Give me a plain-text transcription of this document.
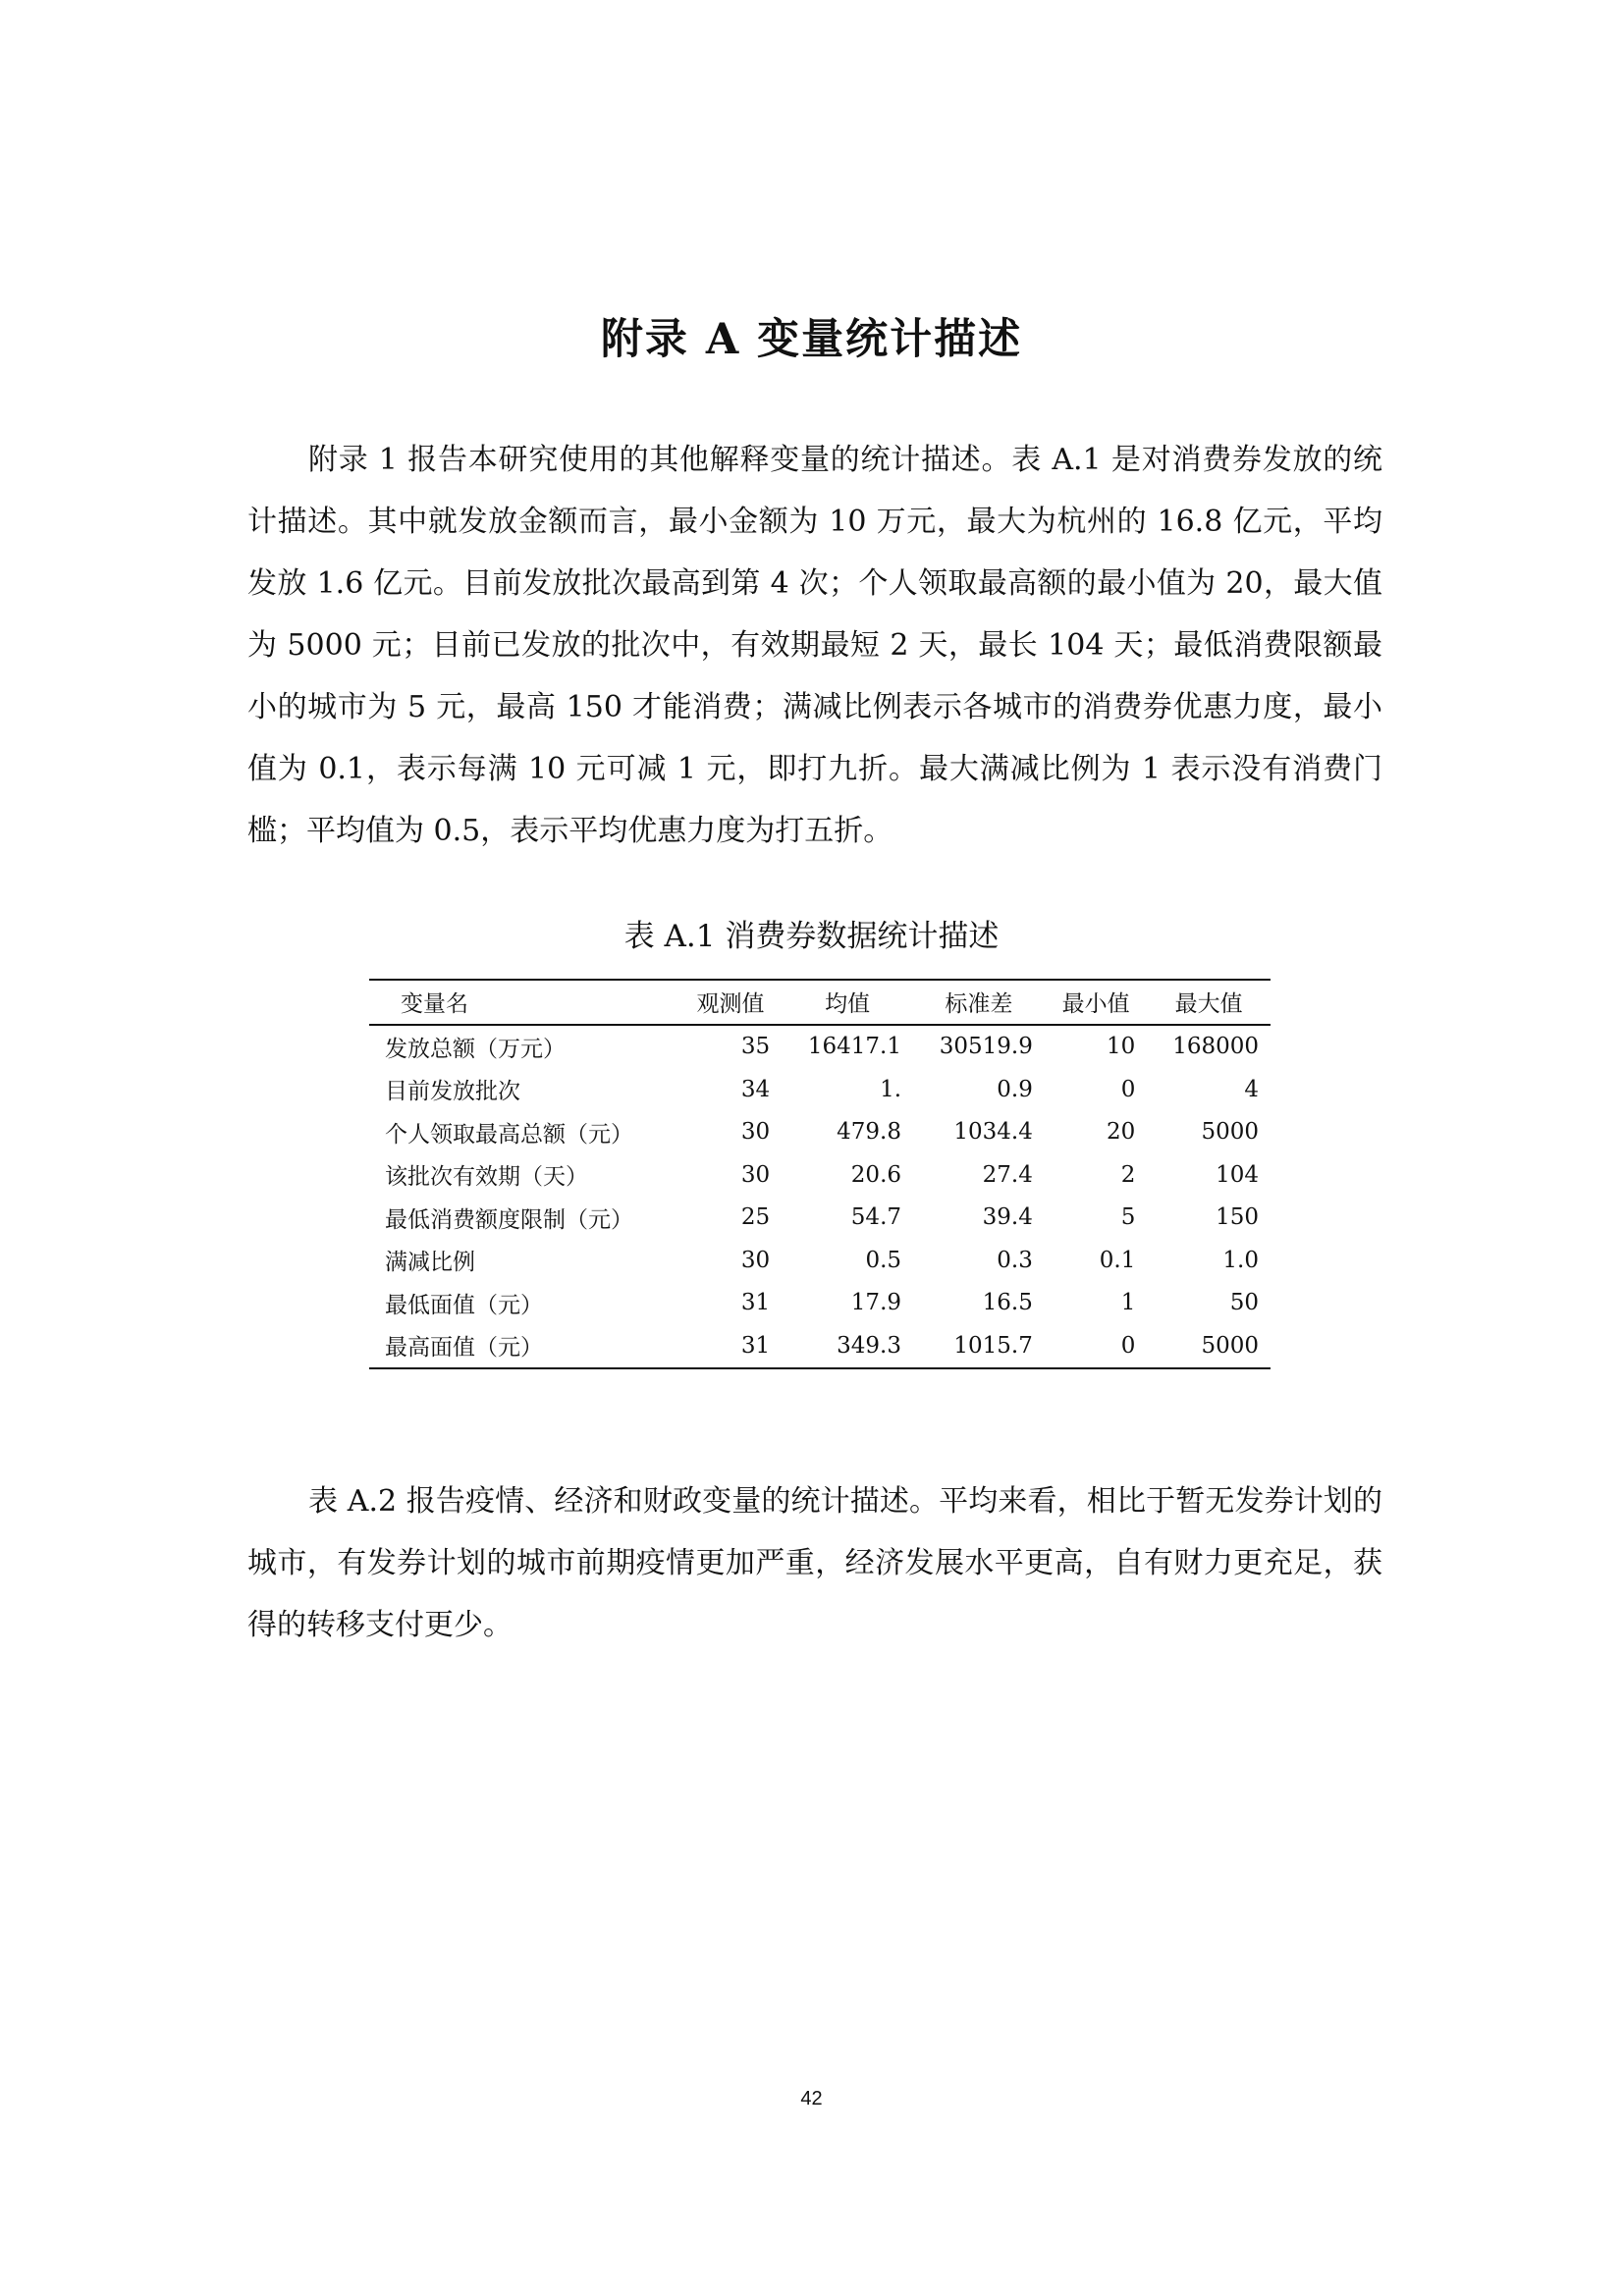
附录 A 变量统计描述

附录 1 报告本研究使用的其他解释变量的统计描述。表 A.1 是对消费券发放的统计描述。其中就发放金额而言，最小金额为 10 万元，最大为杭州的 16.8 亿元，平均发放 1.6 亿元。目前发放批次最高到第 4 次；个人领取最高额的最小值为 20，最大值为 5000 元；目前已发放的批次中，有效期最短 2 天，最长 104 天；最低消费限额最小的城市为 5 元，最高 150 才能消费；满减比例表示各城市的消费券优惠力度，最小值为 0.1，表示每满 10 元可减 1 元，即打九折。最大满减比例为 1 表示没有消费门槛；平均值为 0.5，表示平均优惠力度为打五折。

表 A.1 消费券数据统计描述
变量名	观测值	均值	标准差	最小值	最大值
发放总额（万元）	35	16417.1	30519.9	10	168000
目前发放批次	34	1.	0.9	0	4
个人领取最高总额（元）	30	479.8	1034.4	20	5000
该批次有效期（天）	30	20.6	27.4	2	104
最低消费额度限制（元）	25	54.7	39.4	5	150
满减比例	30	0.5	0.3	0.1	1.0
最低面值（元）	31	17.9	16.5	1	50
最高面值（元）	31	349.3	1015.7	0	5000

表 A.2 报告疫情、经济和财政变量的统计描述。平均来看，相比于暂无发券计划的城市，有发券计划的城市前期疫情更加严重，经济发展水平更高，自有财力更充足，获得的转移支付更少。

42
